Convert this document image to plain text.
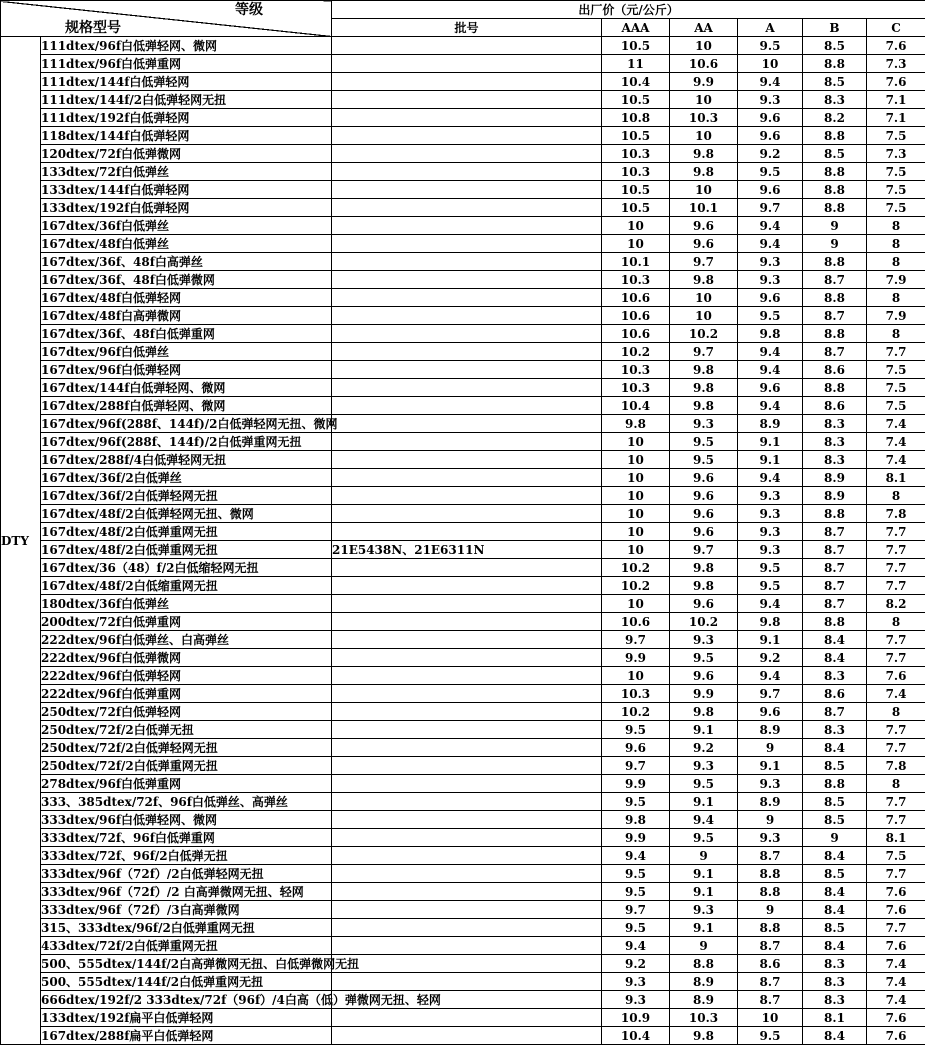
等级
规格型号		出厂价（元/公斤）					
		批号	AAA	AA	A	B	C
DTY	111dtex/96f白低弹轻网、微网		10.5	10	9.5	8.5	7.6
	111dtex/96f白低弹重网		11	10.6	10	8.8	7.3
	111dtex/144f白低弹轻网		10.4	9.9	9.4	8.5	7.6
	111dtex/144f/2白低弹轻网无扭		10.5	10	9.3	8.3	7.1
	111dtex/192f白低弹轻网		10.8	10.3	9.6	8.2	7.1
	118dtex/144f白低弹轻网		10.5	10	9.6	8.8	7.5
	120dtex/72f白低弹微网		10.3	9.8	9.2	8.5	7.3
	133dtex/72f白低弹丝		10.3	9.8	9.5	8.8	7.5
	133dtex/144f白低弹轻网		10.5	10	9.6	8.8	7.5
	133dtex/192f白低弹轻网		10.5	10.1	9.7	8.8	7.5
	167dtex/36f白低弹丝		10	9.6	9.4	9	8
	167dtex/48f白低弹丝		10	9.6	9.4	9	8
	167dtex/36f、48f白高弹丝		10.1	9.7	9.3	8.8	8
	167dtex/36f、48f白低弹微网		10.3	9.8	9.3	8.7	7.9
	167dtex/48f白低弹轻网		10.6	10	9.6	8.8	8
	167dtex/48f白高弹微网		10.6	10	9.5	8.7	7.9
	167dtex/36f、48f白低弹重网		10.6	10.2	9.8	8.8	8
	167dtex/96f白低弹丝		10.2	9.7	9.4	8.7	7.7
	167dtex/96f白低弹轻网		10.3	9.8	9.4	8.6	7.5
	167dtex/144f白低弹轻网、微网		10.3	9.8	9.6	8.8	7.5
	167dtex/288f白低弹轻网、微网		10.4	9.8	9.4	8.6	7.5
	167dtex/96f(288f、144f)/2白低弹轻网无扭、微网		9.8	9.3	8.9	8.3	7.4
	167dtex/96f(288f、144f)/2白低弹重网无扭		10	9.5	9.1	8.3	7.4
	167dtex/288f/4白低弹轻网无扭		10	9.5	9.1	8.3	7.4
	167dtex/36f/2白低弹丝		10	9.6	9.4	8.9	8.1
	167dtex/36f/2白低弹轻网无扭		10	9.6	9.3	8.9	8
	167dtex/48f/2白低弹轻网无扭、微网		10	9.6	9.3	8.8	7.8
	167dtex/48f/2白低弹重网无扭		10	9.6	9.3	8.7	7.7
	167dtex/48f/2白低弹重网无扭	21E5438N、21E6311N	10	9.7	9.3	8.7	7.7
	167dtex/36（48）f/2白低缩轻网无扭		10.2	9.8	9.5	8.7	7.7
	167dtex/48f/2白低缩重网无扭		10.2	9.8	9.5	8.7	7.7
	180dtex/36f白低弹丝		10	9.6	9.4	8.7	8.2
	200dtex/72f白低弹重网		10.6	10.2	9.8	8.8	8
	222dtex/96f白低弹丝、白高弹丝		9.7	9.3	9.1	8.4	7.7
	222dtex/96f白低弹微网		9.9	9.5	9.2	8.4	7.7
	222dtex/96f白低弹轻网		10	9.6	9.4	8.3	7.6
	222dtex/96f白低弹重网		10.3	9.9	9.7	8.6	7.4
	250dtex/72f白低弹轻网		10.2	9.8	9.6	8.7	8
	250dtex/72f/2白低弹无扭		9.5	9.1	8.9	8.3	7.7
	250dtex/72f/2白低弹轻网无扭		9.6	9.2	9	8.4	7.7
	250dtex/72f/2白低弹重网无扭		9.7	9.3	9.1	8.5	7.8
	278dtex/96f白低弹重网		9.9	9.5	9.3	8.8	8
	333、385dtex/72f、96f白低弹丝、高弹丝		9.5	9.1	8.9	8.5	7.7
	333dtex/96f白低弹轻网、微网		9.8	9.4	9	8.5	7.7
	333dtex/72f、96f白低弹重网		9.9	9.5	9.3	9	8.1
	333dtex/72f、96f/2白低弹无扭		9.4	9	8.7	8.4	7.5
	333dtex/96f（72f）/2白低弹轻网无扭		9.5	9.1	8.8	8.5	7.7
	333dtex/96f（72f）/2 白高弹微网无扭、轻网		9.5	9.1	8.8	8.4	7.6
	333dtex/96f（72f）/3白高弹微网		9.7	9.3	9	8.4	7.6
	315、333dtex/96f/2白低弹重网无扭		9.5	9.1	8.8	8.5	7.7
	433dtex/72f/2白低弹重网无扭		9.4	9	8.7	8.4	7.6
	500、555dtex/144f/2白高弹微网无扭、白低弹微网无扭		9.2	8.8	8.6	8.3	7.4
	500、555dtex/144f/2白低弹重网无扭		9.3	8.9	8.7	8.3	7.4
	666dtex/192f/2 333dtex/72f（96f）/4白高（低）弹微网无扭、轻网		9.3	8.9	8.7	8.3	7.4
	133dtex/192f扁平白低弹轻网		10.9	10.3	10	8.1	7.6
	167dtex/288f扁平白低弹轻网		10.4	9.8	9.5	8.4	7.6
